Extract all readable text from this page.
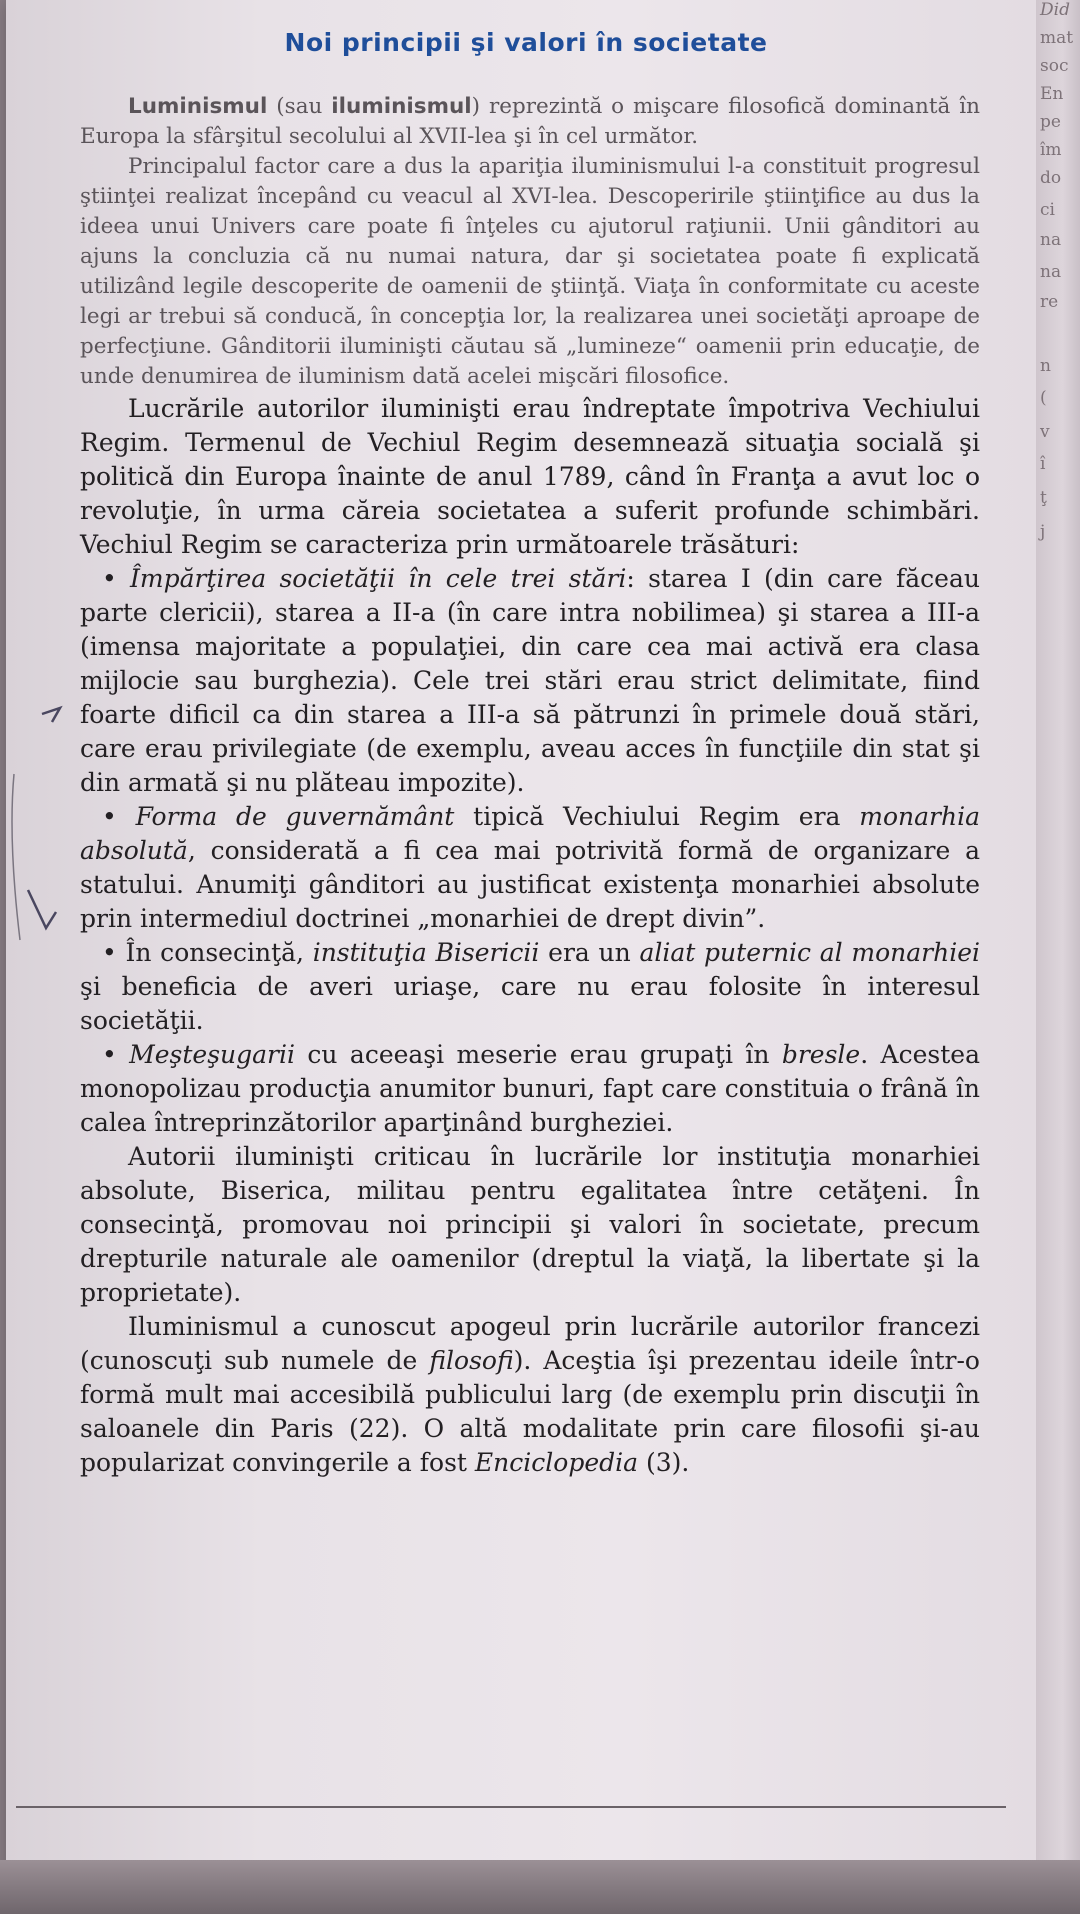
Noi principii şi valori în societate

Luminismul (sau iluminismul) reprezintă o mişcare filosofică dominantă în Europa la sfârşitul secolului al XVII-lea şi în cel următor.

Principalul factor care a dus la apariţia iluminismului l-a constituit progresul ştiinţei realizat începând cu veacul al XVI-lea. Descoperirile ştiinţifice au dus la ideea unui Univers care poate fi înţeles cu ajutorul raţiunii. Unii gânditori au ajuns la concluzia că nu numai natura, dar şi societatea poate fi explicată utilizând legile descoperite de oamenii de ştiinţă. Viaţa în conformitate cu aceste legi ar trebui să conducă, în concepţia lor, la realizarea unei societăţi aproape de perfecţiune. Gânditorii iluminişti căutau să „lumineze“ oamenii prin educaţie, de unde denumirea de iluminism dată acelei mişcări filosofice.

Lucrările autorilor iluminişti erau îndreptate împotriva Vechiului Regim. Termenul de Vechiul Regim desemnează situaţia socială şi politică din Europa înainte de anul 1789, când în Franţa a avut loc o revoluţie, în urma căreia societatea a suferit profunde schimbări. Vechiul Regim se caracteriza prin următoarele trăsături:

• Împărţirea societăţii în cele trei stări: starea I (din care făceau parte clericii), starea a II-a (în care intra nobilimea) şi starea a III-a (imensa majoritate a populaţiei, din care cea mai activă era clasa mijlocie sau burghezia). Cele trei stări erau strict delimitate, fiind foarte dificil ca din starea a III-a să pătrunzi în primele două stări, care erau privilegiate (de exemplu, aveau acces în funcţiile din stat şi din armată şi nu plăteau impozite).

• Forma de guvernământ tipică Vechiului Regim era monarhia absolută, considerată a fi cea mai potrivită formă de organizare a statului. Anumiţi gânditori au justificat existenţa monarhiei absolute prin intermediul doctrinei „monarhiei de drept divin”.

• În consecinţă, instituţia Bisericii era un aliat puternic al monarhiei şi beneficia de averi uriaşe, care nu erau folosite în interesul societăţii.

• Meşteşugarii cu aceeaşi meserie erau grupaţi în bresle. Acestea monopolizau producţia anumitor bunuri, fapt care constituia o frână în calea întreprinzătorilor aparţinând burgheziei.

Autorii iluminişti criticau în lucrările lor instituţia monarhiei absolute, Biserica, militau pentru egalitatea între cetăţeni. În consecinţă, promovau noi principii şi valori în societate, precum drepturile naturale ale oamenilor (dreptul la viaţă, la libertate şi la proprietate).

Iluminismul a cunoscut apogeul prin lucrările autorilor francezi (cunoscuţi sub numele de filosofi). Aceştia îşi prezentau ideile într-o formă mult mai accesibilă publicului larg (de exemplu prin discuţii în saloanele din Paris (22). O altă modalitate prin care filosofii şi-au popularizat convingerile a fost Enciclopedia (3).

Did
mat
soc
En
pe
îm
do
ci
na
na
re
n
(
v
î
ţ
j
